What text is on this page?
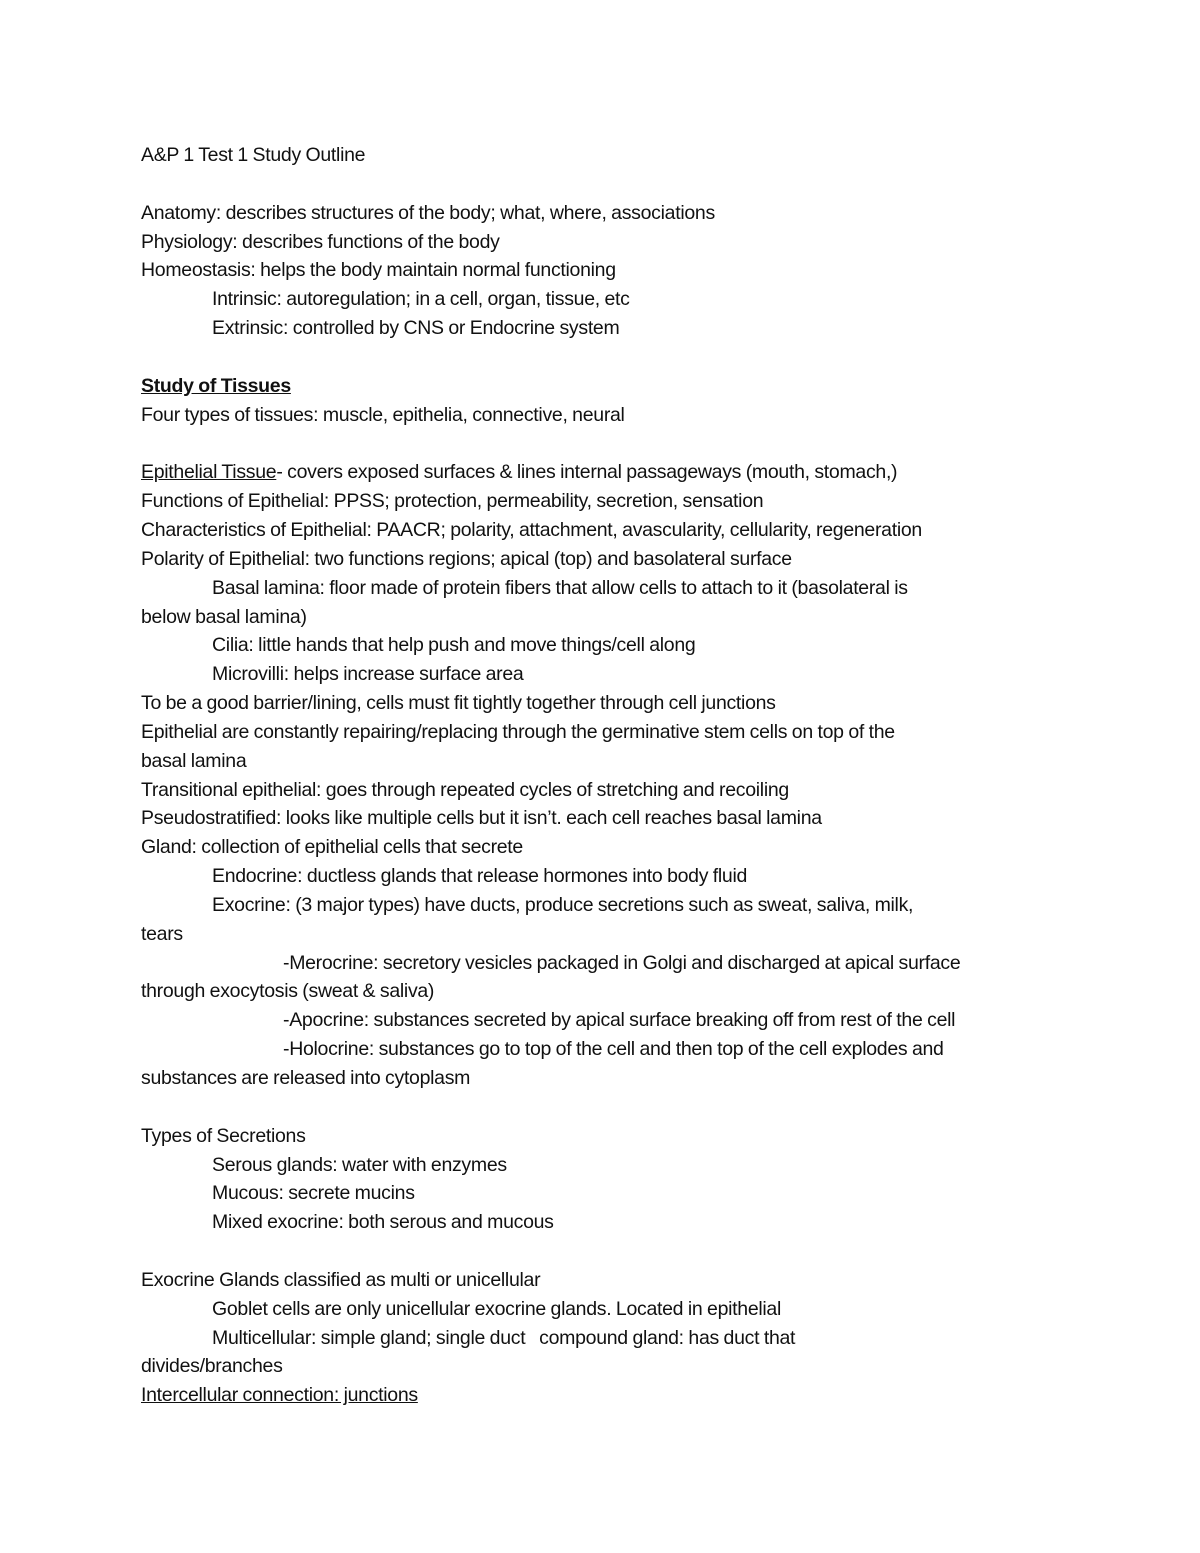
A&P 1 Test 1 Study Outline
Anatomy: describes structures of the body; what, where, associations
Physiology: describes functions of the body
Homeostasis: helps the body maintain normal functioning
Intrinsic: autoregulation; in a cell, organ, tissue, etc
Extrinsic: controlled by CNS or Endocrine system
Study of Tissues
Four types of tissues: muscle, epithelia, connective, neural
Epithelial Tissue- covers exposed surfaces & lines internal passageways (mouth, stomach,)
Functions of Epithelial: PPSS; protection, permeability, secretion, sensation
Characteristics of Epithelial: PAACR; polarity, attachment, avascularity, cellularity, regeneration
Polarity of Epithelial: two functions regions; apical (top) and basolateral surface
Basal lamina: floor made of protein fibers that allow cells to attach to it (basolateral is
below basal lamina)
Cilia: little hands that help push and move things/cell along
Microvilli: helps increase surface area
To be a good barrier/lining, cells must fit tightly together through cell junctions
Epithelial are constantly repairing/replacing through the germinative stem cells on top of the
basal lamina
Transitional epithelial: goes through repeated cycles of stretching and recoiling
Pseudostratified: looks like multiple cells but it isn’t. each cell reaches basal lamina
Gland: collection of epithelial cells that secrete
Endocrine: ductless glands that release hormones into body fluid
Exocrine: (3 major types) have ducts, produce secretions such as sweat, saliva, milk,
tears
-Merocrine: secretory vesicles packaged in Golgi and discharged at apical surface
through exocytosis (sweat & saliva)
-Apocrine: substances secreted by apical surface breaking off from rest of the cell
-Holocrine: substances go to top of the cell and then top of the cell explodes and
substances are released into cytoplasm
Types of Secretions
Serous glands: water with enzymes
Mucous: secrete mucins
Mixed exocrine: both serous and mucous
Exocrine Glands classified as multi or unicellular
Goblet cells are only unicellular exocrine glands. Located in epithelial
Multicellular: simple gland; single duct   compound gland: has duct that
divides/branches
Intercellular connection: junctions
